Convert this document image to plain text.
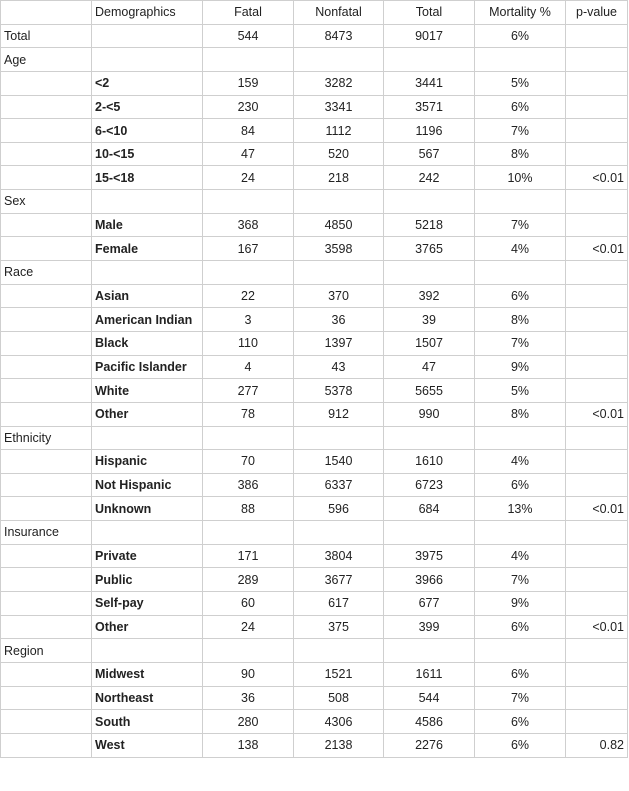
	Demographics	Fatal	Nonfatal	Total	Mortality %	p-value
Total		544	8473	9017	6%	
Age						
	<2	159	3282	3441	5%	
	2-<5	230	3341	3571	6%	
	6-<10	84	1112	1196	7%	
	10-<15	47	520	567	8%	
	15-<18	24	218	242	10%	<0.01
Sex						
	Male	368	4850	5218	7%	
	Female	167	3598	3765	4%	<0.01
Race						
	Asian	22	370	392	6%	
	American Indian	3	36	39	8%	
	Black	110	1397	1507	7%	
	Pacific Islander	4	43	47	9%	
	White	277	5378	5655	5%	
	Other	78	912	990	8%	<0.01
Ethnicity						
	Hispanic	70	1540	1610	4%	
	Not Hispanic	386	6337	6723	6%	
	Unknown	88	596	684	13%	<0.01
Insurance						
	Private	171	3804	3975	4%	
	Public	289	3677	3966	7%	
	Self-pay	60	617	677	9%	
	Other	24	375	399	6%	<0.01
Region						
	Midwest	90	1521	1611	6%	
	Northeast	36	508	544	7%	
	South	280	4306	4586	6%	
	West	138	2138	2276	6%	0.82
